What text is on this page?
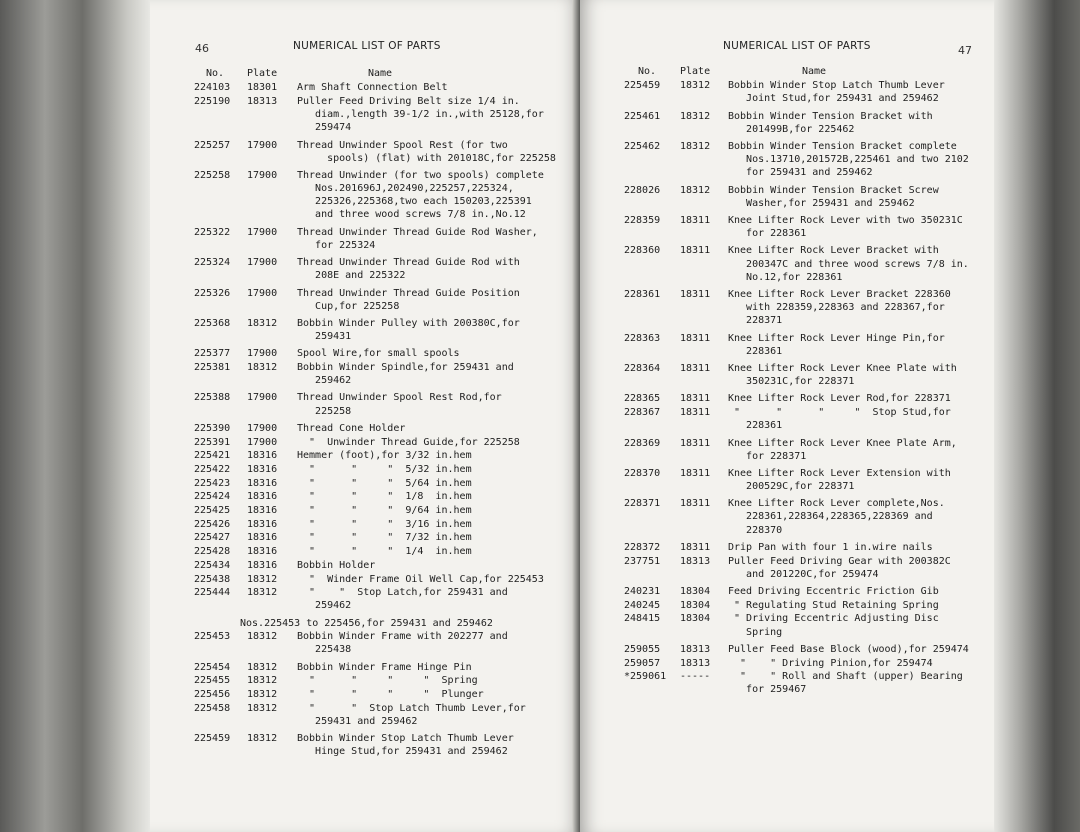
46	NUMERICAL LIST OF PARTS
No. Plate	Name
224103 18301 Arm Shaft Connection Belt
225190 18313 Puller Feed Driving Belt size 1/4 in.
diam.,length 39-1/2 in.,with 25128,for
259474
225257 17900 Thread Unwinder Spool Rest (for two
spools) (flat) with 201018C,for 225258
225258 17900 Thread Unwinder (for two spools) complete
Nos.201696J,202490,225257,225324,
225326,225368,two each 150203,225391
and three wood screws 7/8 in.,No.12
225322 17900 Thread Unwinder Thread Guide Rod Washer,
for 225324
225324 17900 Thread Unwinder Thread Guide Rod with
208E and 225322
225326 17900 Thread Unwinder Thread Guide Position
Cup,for 225258
225368 18312 Bobbin Winder Pulley with 200380C,for
259431
225377 17900 Spool Wire,for small spools
225381 18312 Bobbin Winder Spindle,for 259431 and
259462
225388 17900 Thread Unwinder Spool Rest Rod,for
225258
225390 17900 Thread Cone Holder
225391 17900 "  Unwinder Thread Guide,for 225258
225421 18316 Hemmer (foot),for 3/32 in.hem
225422 18316 "      "     "  5/32 in.hem
225423 18316 "      "     "  5/64 in.hem
225424 18316 "      "     "  1/8  in.hem
225425 18316 "      "     "  9/64 in.hem
225426 18316 "      "     "  3/16 in.hem
225427 18316 "      "     "  7/32 in.hem
225428 18316 "      "     "  1/4  in.hem
225434 18316 Bobbin Holder
225438 18312 "  Winder Frame Oil Well Cap,for 225453
225444 18312 "    "  Stop Latch,for 259431 and
259462
Nos.225453 to 225456,for 259431 and 259462
225453 18312 Bobbin Winder Frame with 202277 and
225438
225454 18312 Bobbin Winder Frame Hinge Pin
225455 18312 "      "     "     "  Spring
225456 18312 "      "     "     "  Plunger
225458 18312 "      "  Stop Latch Thumb Lever,for
259431 and 259462
225459 18312 Bobbin Winder Stop Latch Thumb Lever
Hinge Stud,for 259431 and 259462
NUMERICAL LIST OF PARTS	47
No. Plate	Name
225459 18312 Bobbin Winder Stop Latch Thumb Lever
Joint Stud,for 259431 and 259462
225461 18312 Bobbin Winder Tension Bracket with
201499B,for 225462
225462 18312 Bobbin Winder Tension Bracket complete
Nos.13710,201572B,225461 and two 2102
for 259431 and 259462
228026 18312 Bobbin Winder Tension Bracket Screw
Washer,for 259431 and 259462
228359 18311 Knee Lifter Rock Lever with two 350231C
for 228361
228360 18311 Knee Lifter Rock Lever Bracket with
200347C and three wood screws 7/8 in.
No.12,for 228361
228361 18311 Knee Lifter Rock Lever Bracket 228360
with 228359,228363 and 228367,for
228371
228363 18311 Knee Lifter Rock Lever Hinge Pin,for
228361
228364 18311 Knee Lifter Rock Lever Knee Plate with
350231C,for 228371
228365 18311 Knee Lifter Rock Lever Rod,for 228371
228367 18311 "      "      "     "  Stop Stud,for
228361
228369 18311 Knee Lifter Rock Lever Knee Plate Arm,
for 228371
228370 18311 Knee Lifter Rock Lever Extension with
200529C,for 228371
228371 18311 Knee Lifter Rock Lever complete,Nos.
228361,228364,228365,228369 and
228370
228372 18311 Drip Pan with four 1 in.wire nails
237751 18313 Puller Feed Driving Gear with 200382C
and 201220C,for 259474
240231 18304 Feed Driving Eccentric Friction Gib
240245 18304 " Regulating Stud Retaining Spring
248415 18304 " Driving Eccentric Adjusting Disc
Spring
259055 18313 Puller Feed Base Block (wood),for 259474
259057 18313 "    " Driving Pinion,for 259474
*259061 ----- "    " Roll and Shaft (upper) Bearing
for 259467
